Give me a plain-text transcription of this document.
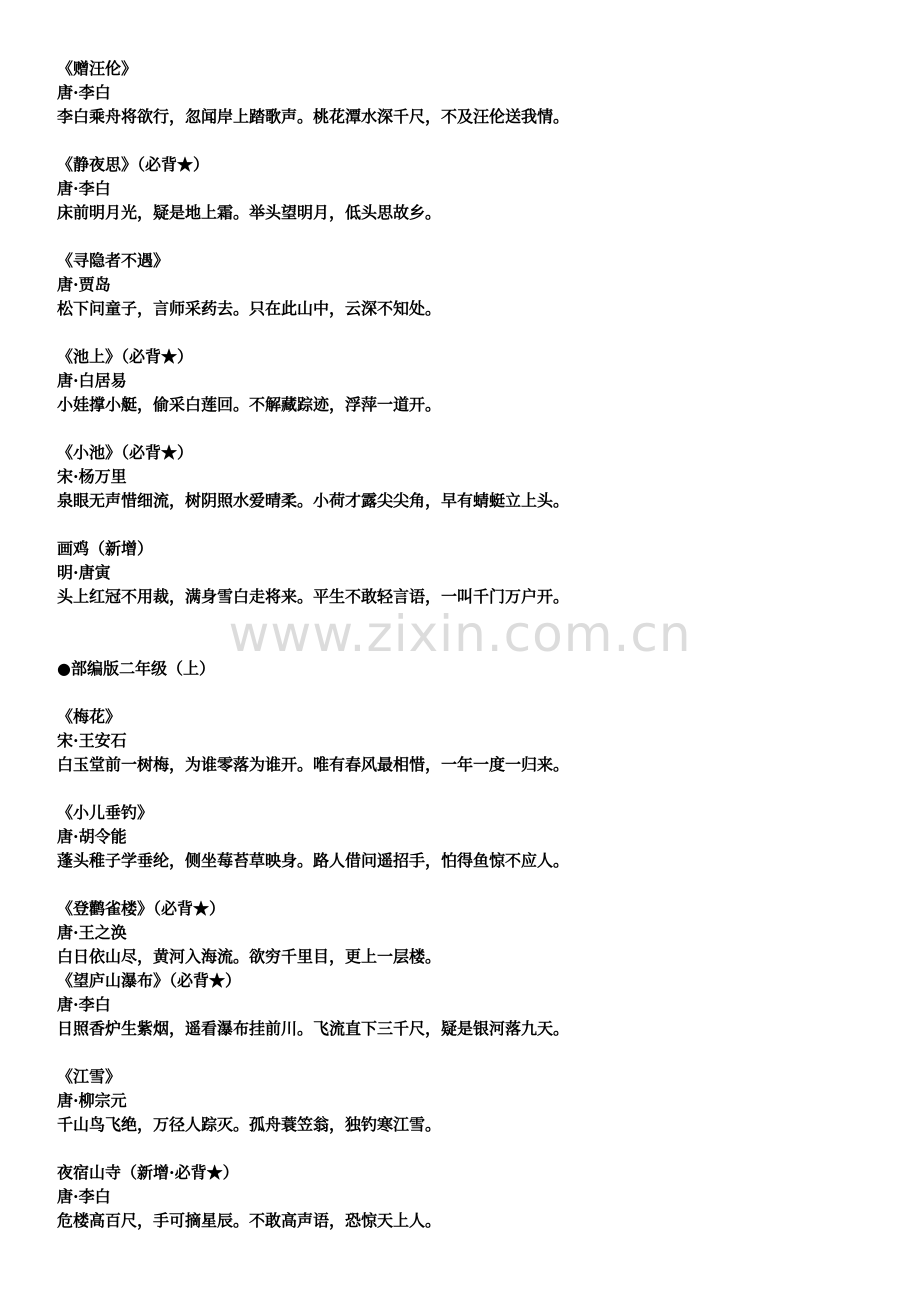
《赠汪伦》
唐·李白
李白乘舟将欲行，忽闻岸上踏歌声。桃花潭水深千尺，不及汪伦送我情。
《静夜思》（必背★）
唐·李白
床前明月光，疑是地上霜。举头望明月，低头思故乡。
《寻隐者不遇》
唐·贾岛
松下问童子，言师采药去。只在此山中，云深不知处。
《池上》（必背★）
唐·白居易
小娃撑小艇，偷采白莲回。不解藏踪迹，浮萍一道开。
《小池》（必背★）
宋·杨万里
泉眼无声惜细流，树阴照水爱晴柔。小荷才露尖尖角，早有蜻蜓立上头。
画鸡（新增）
明·唐寅
头上红冠不用裁，满身雪白走将来。平生不敢轻言语，一叫千门万户开。
●部编版二年级（上）
《梅花》
宋·王安石
白玉堂前一树梅，为谁零落为谁开。唯有春风最相惜，一年一度一归来。
《小儿垂钓》
唐·胡令能
蓬头稚子学垂纶，侧坐莓苔草映身。路人借问遥招手，怕得鱼惊不应人。
《登鹳雀楼》（必背★）
唐·王之涣
白日依山尽，黄河入海流。欲穷千里目，更上一层楼。
《望庐山瀑布》（必背★）
唐·李白
日照香炉生紫烟，遥看瀑布挂前川。飞流直下三千尺，疑是银河落九天。
《江雪》
唐·柳宗元
千山鸟飞绝，万径人踪灭。孤舟蓑笠翁，独钓寒江雪。
夜宿山寺（新增·必背★）
唐·李白
危楼高百尺，手可摘星辰。不敢高声语，恐惊天上人。
www.zixin.com.cn
